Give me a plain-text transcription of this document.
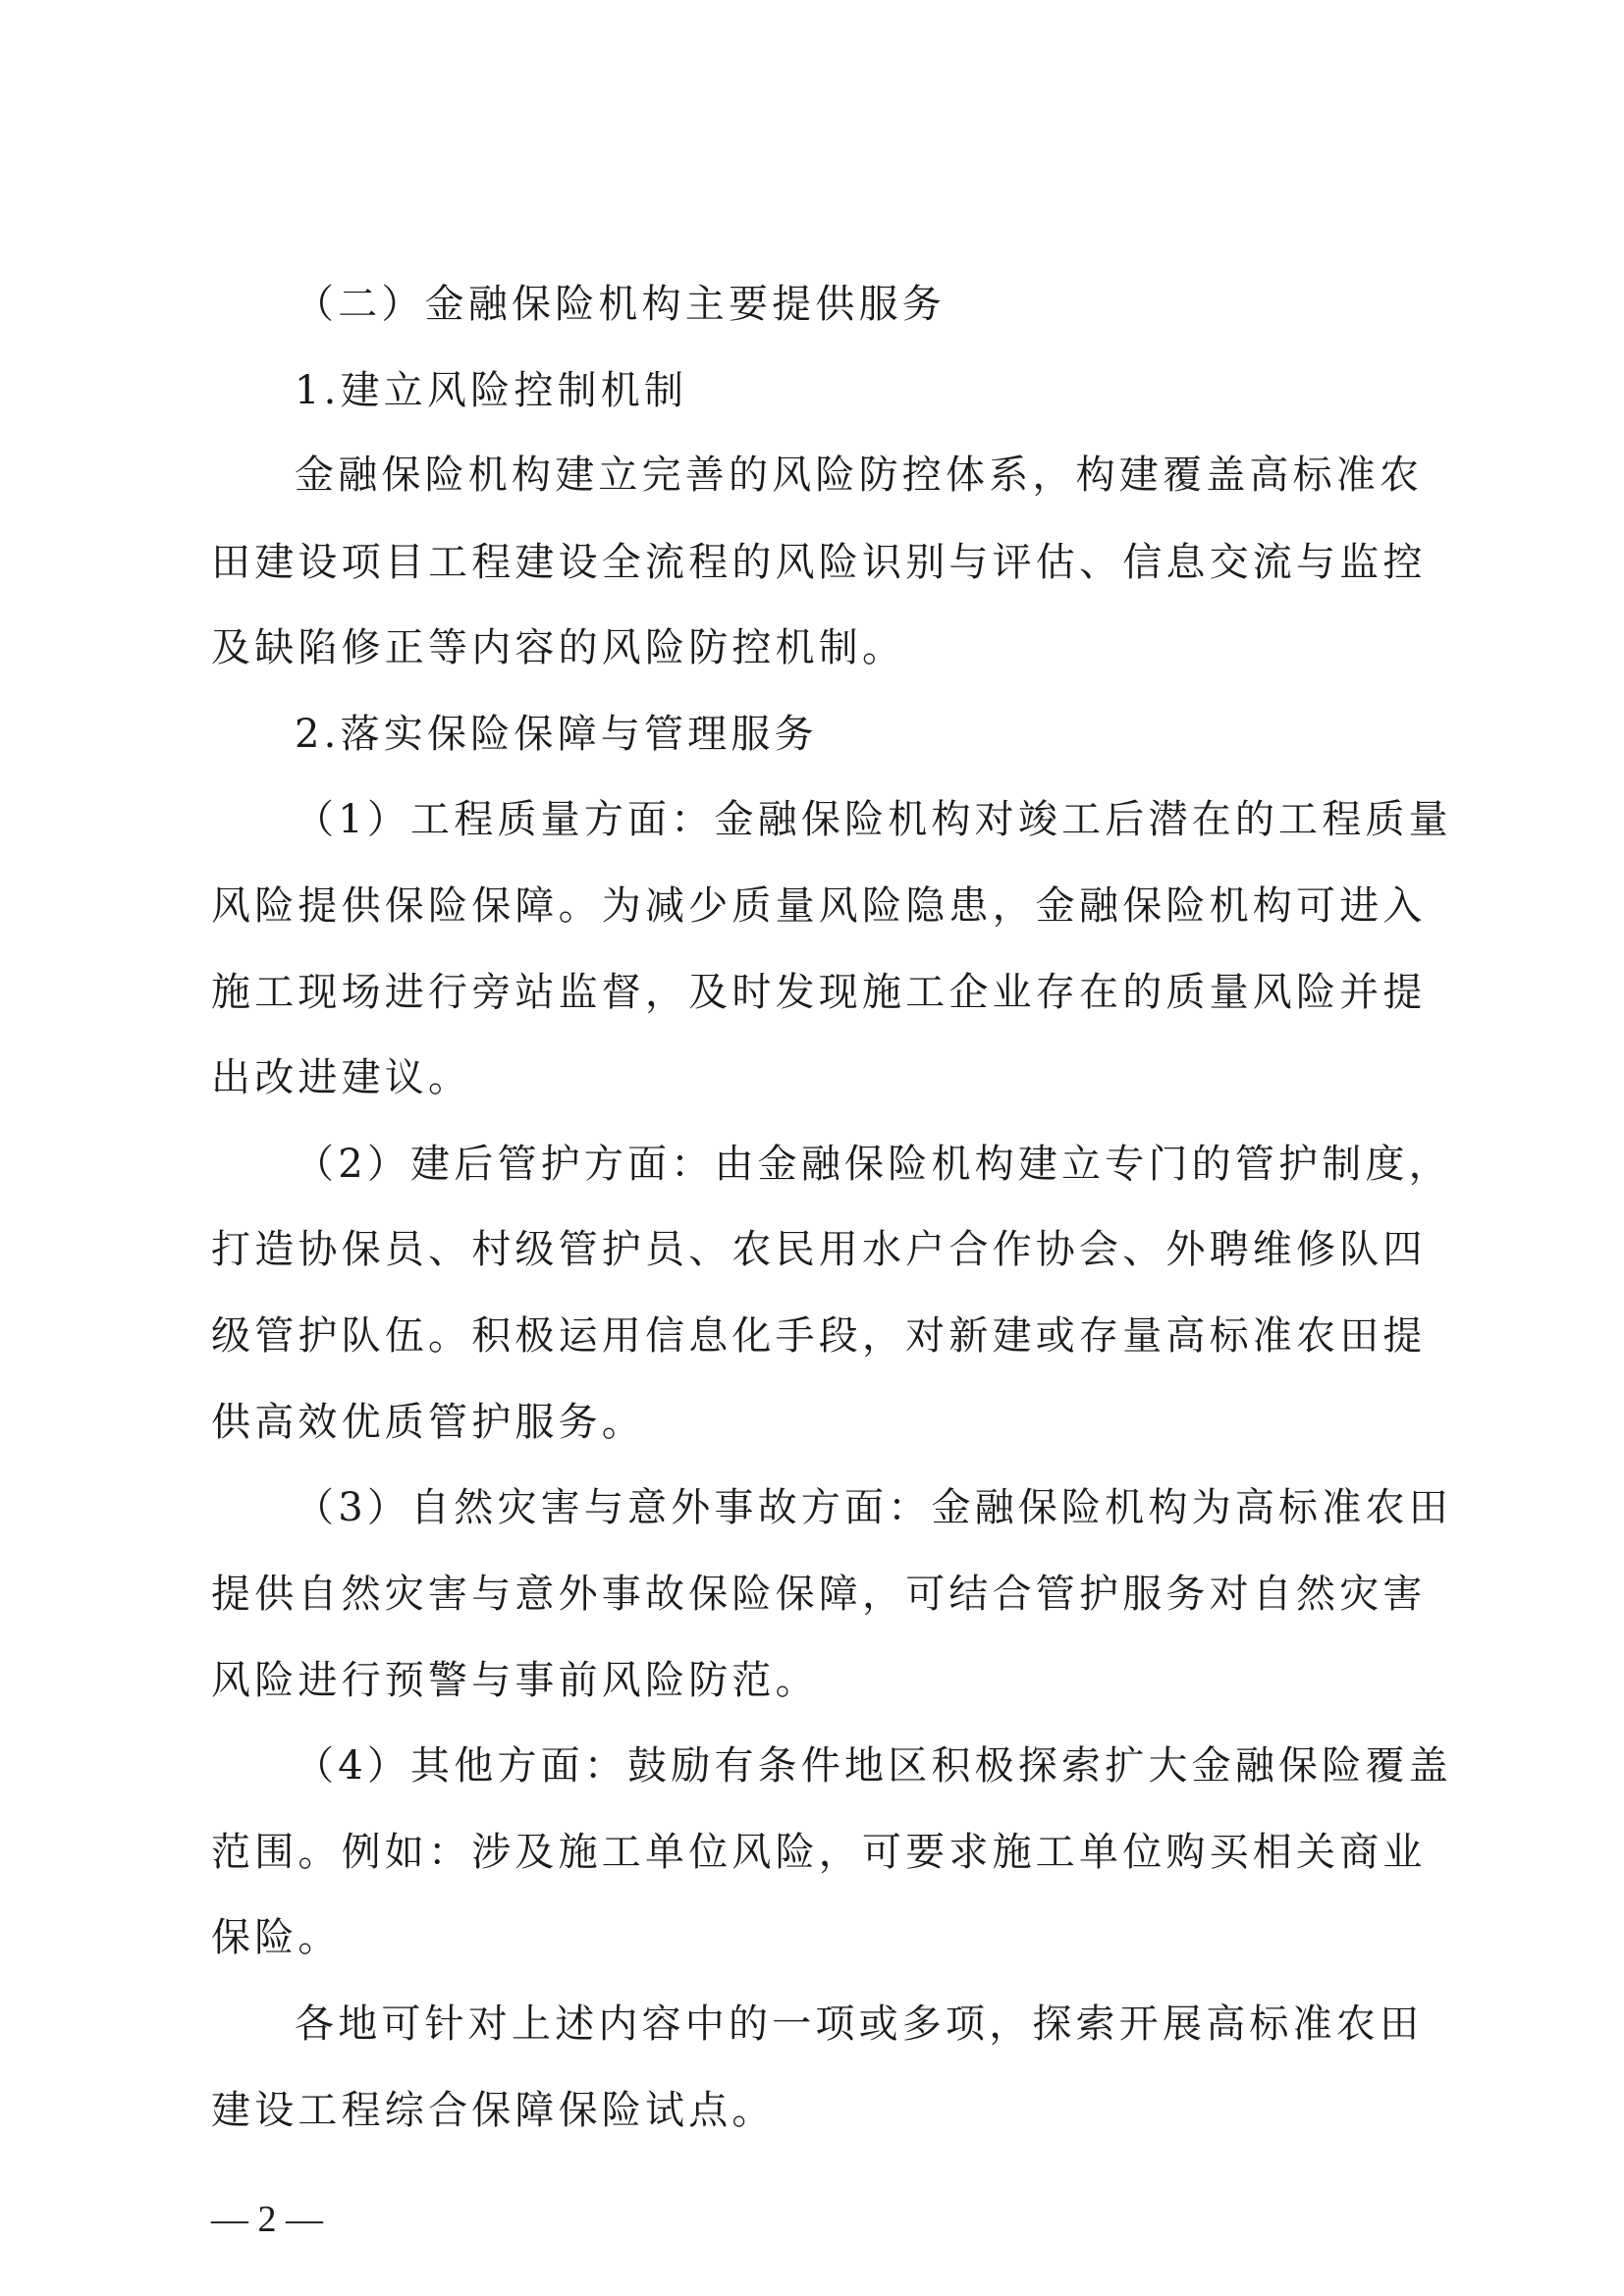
（二）金融保险机构主要提供服务
1.建立风险控制机制
金融保险机构建立完善的风险防控体系，构建覆盖高标准农
田建设项目工程建设全流程的风险识别与评估、信息交流与监控
及缺陷修正等内容的风险防控机制。
2.落实保险保障与管理服务
（1）工程质量方面：金融保险机构对竣工后潜在的工程质量
风险提供保险保障。为减少质量风险隐患，金融保险机构可进入
施工现场进行旁站监督，及时发现施工企业存在的质量风险并提
出改进建议。
（2）建后管护方面：由金融保险机构建立专门的管护制度，
打造协保员、村级管护员、农民用水户合作协会、外聘维修队四
级管护队伍。积极运用信息化手段，对新建或存量高标准农田提
供高效优质管护服务。
（3）自然灾害与意外事故方面：金融保险机构为高标准农田
提供自然灾害与意外事故保险保障，可结合管护服务对自然灾害
风险进行预警与事前风险防范。
（4）其他方面：鼓励有条件地区积极探索扩大金融保险覆盖
范围。例如：涉及施工单位风险，可要求施工单位购买相关商业
保险。
各地可针对上述内容中的一项或多项，探索开展高标准农田
建设工程综合保障保险试点。
— 2 —
